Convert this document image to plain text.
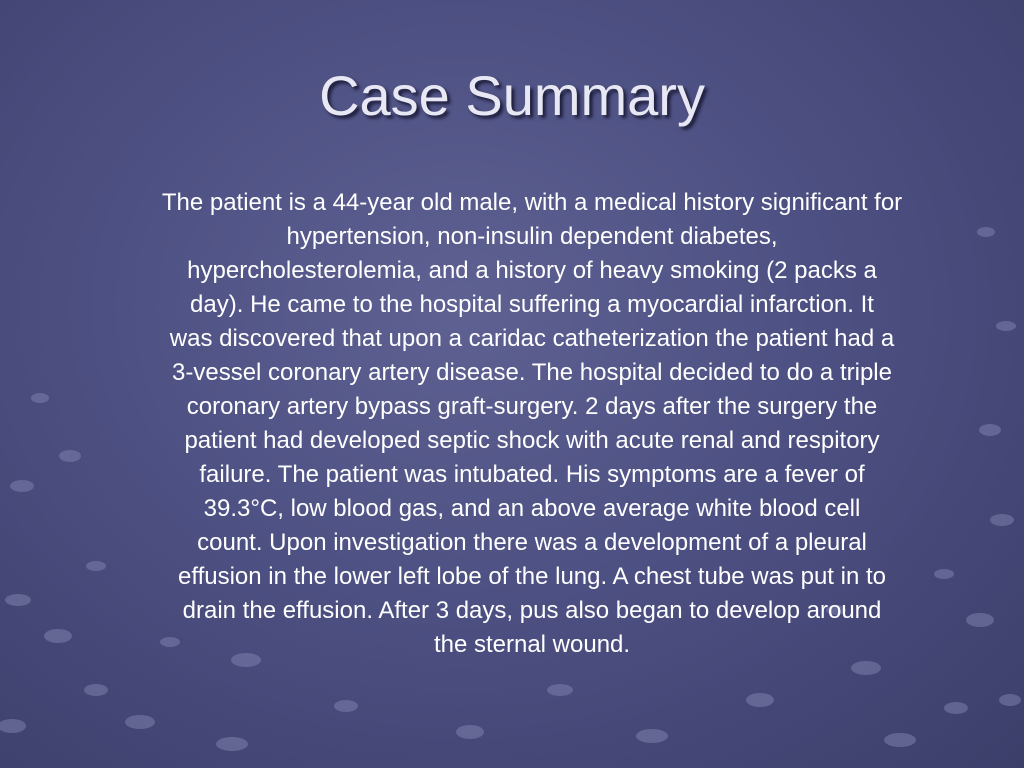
Case Summary
The patient is a 44-year old male, with a medical history significant for
hypertension, non-insulin dependent diabetes,
hypercholesterolemia, and a history of heavy smoking (2 packs a
day). He came to the hospital suffering a myocardial infarction. It
was discovered that upon a caridac catheterization the patient had a
3-vessel coronary artery disease. The hospital decided to do a triple
coronary artery bypass graft-surgery. 2 days after the surgery the
patient had developed septic shock with acute renal and respitory
failure. The patient was intubated. His symptoms are a fever of
39.3°C, low blood gas, and an above average white blood cell
count. Upon investigation there was a development of a pleural
effusion in the lower left lobe of the lung. A chest tube was put in to
drain the effusion. After 3 days, pus also began to develop around
the sternal wound.
